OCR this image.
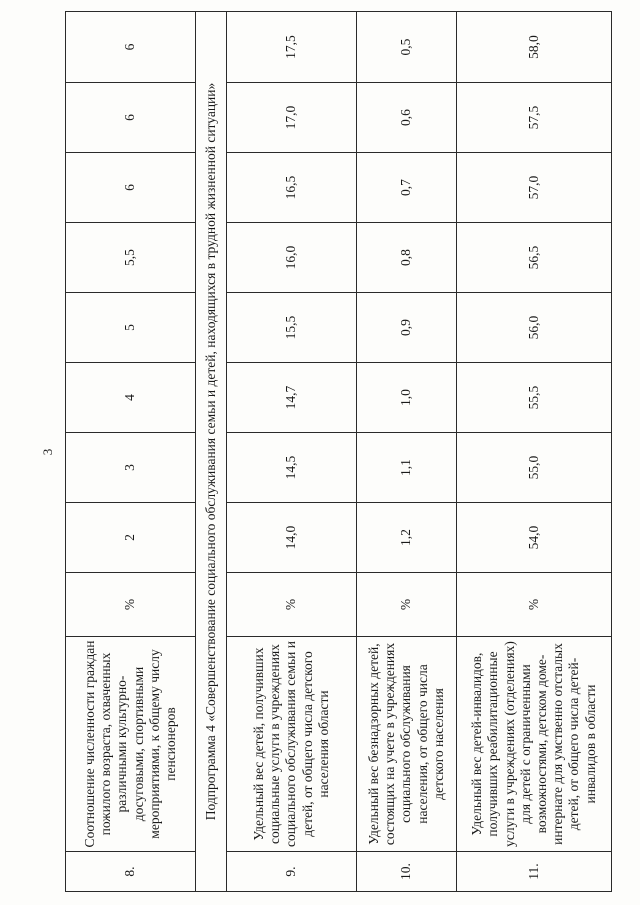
3
8.	Соотношение численности граждан пожилого возраста, охваченных различными культурно-досуговыми, спортивными мероприятиями, к общему числу пенсионеров	%	2	3	4	5	5,5	6	6	6
Подпрограмма 4 «Совершенствование социального обслуживания семьи и детей, находящихся в трудной жизненной ситуации»										
9.	Удельный вес детей, получивших социальные услуги в учреждениях социального обслуживания семьи и детей, от общего числа детского населения области	%	14,0	14,5	14,7	15,5	16,0	16,5	17,0	17,5
10.	Удельный вес безнадзорных детей, состоящих на учете в учреждениях социального обслуживания населения, от общего числа детского населения	%	1,2	1,1	1,0	0,9	0,8	0,7	0,6	0,5
11.	Удельный вес детей-инвалидов, получивших реабилитационные услуги в учреждениях (отделениях) для детей с ограниченными возможностями, детском доме-интернате для умственно отсталых детей, от общего числа детей-инвалидов в области	%	54,0	55,0	55,5	56,0	56,5	57,0	57,5	58,0
